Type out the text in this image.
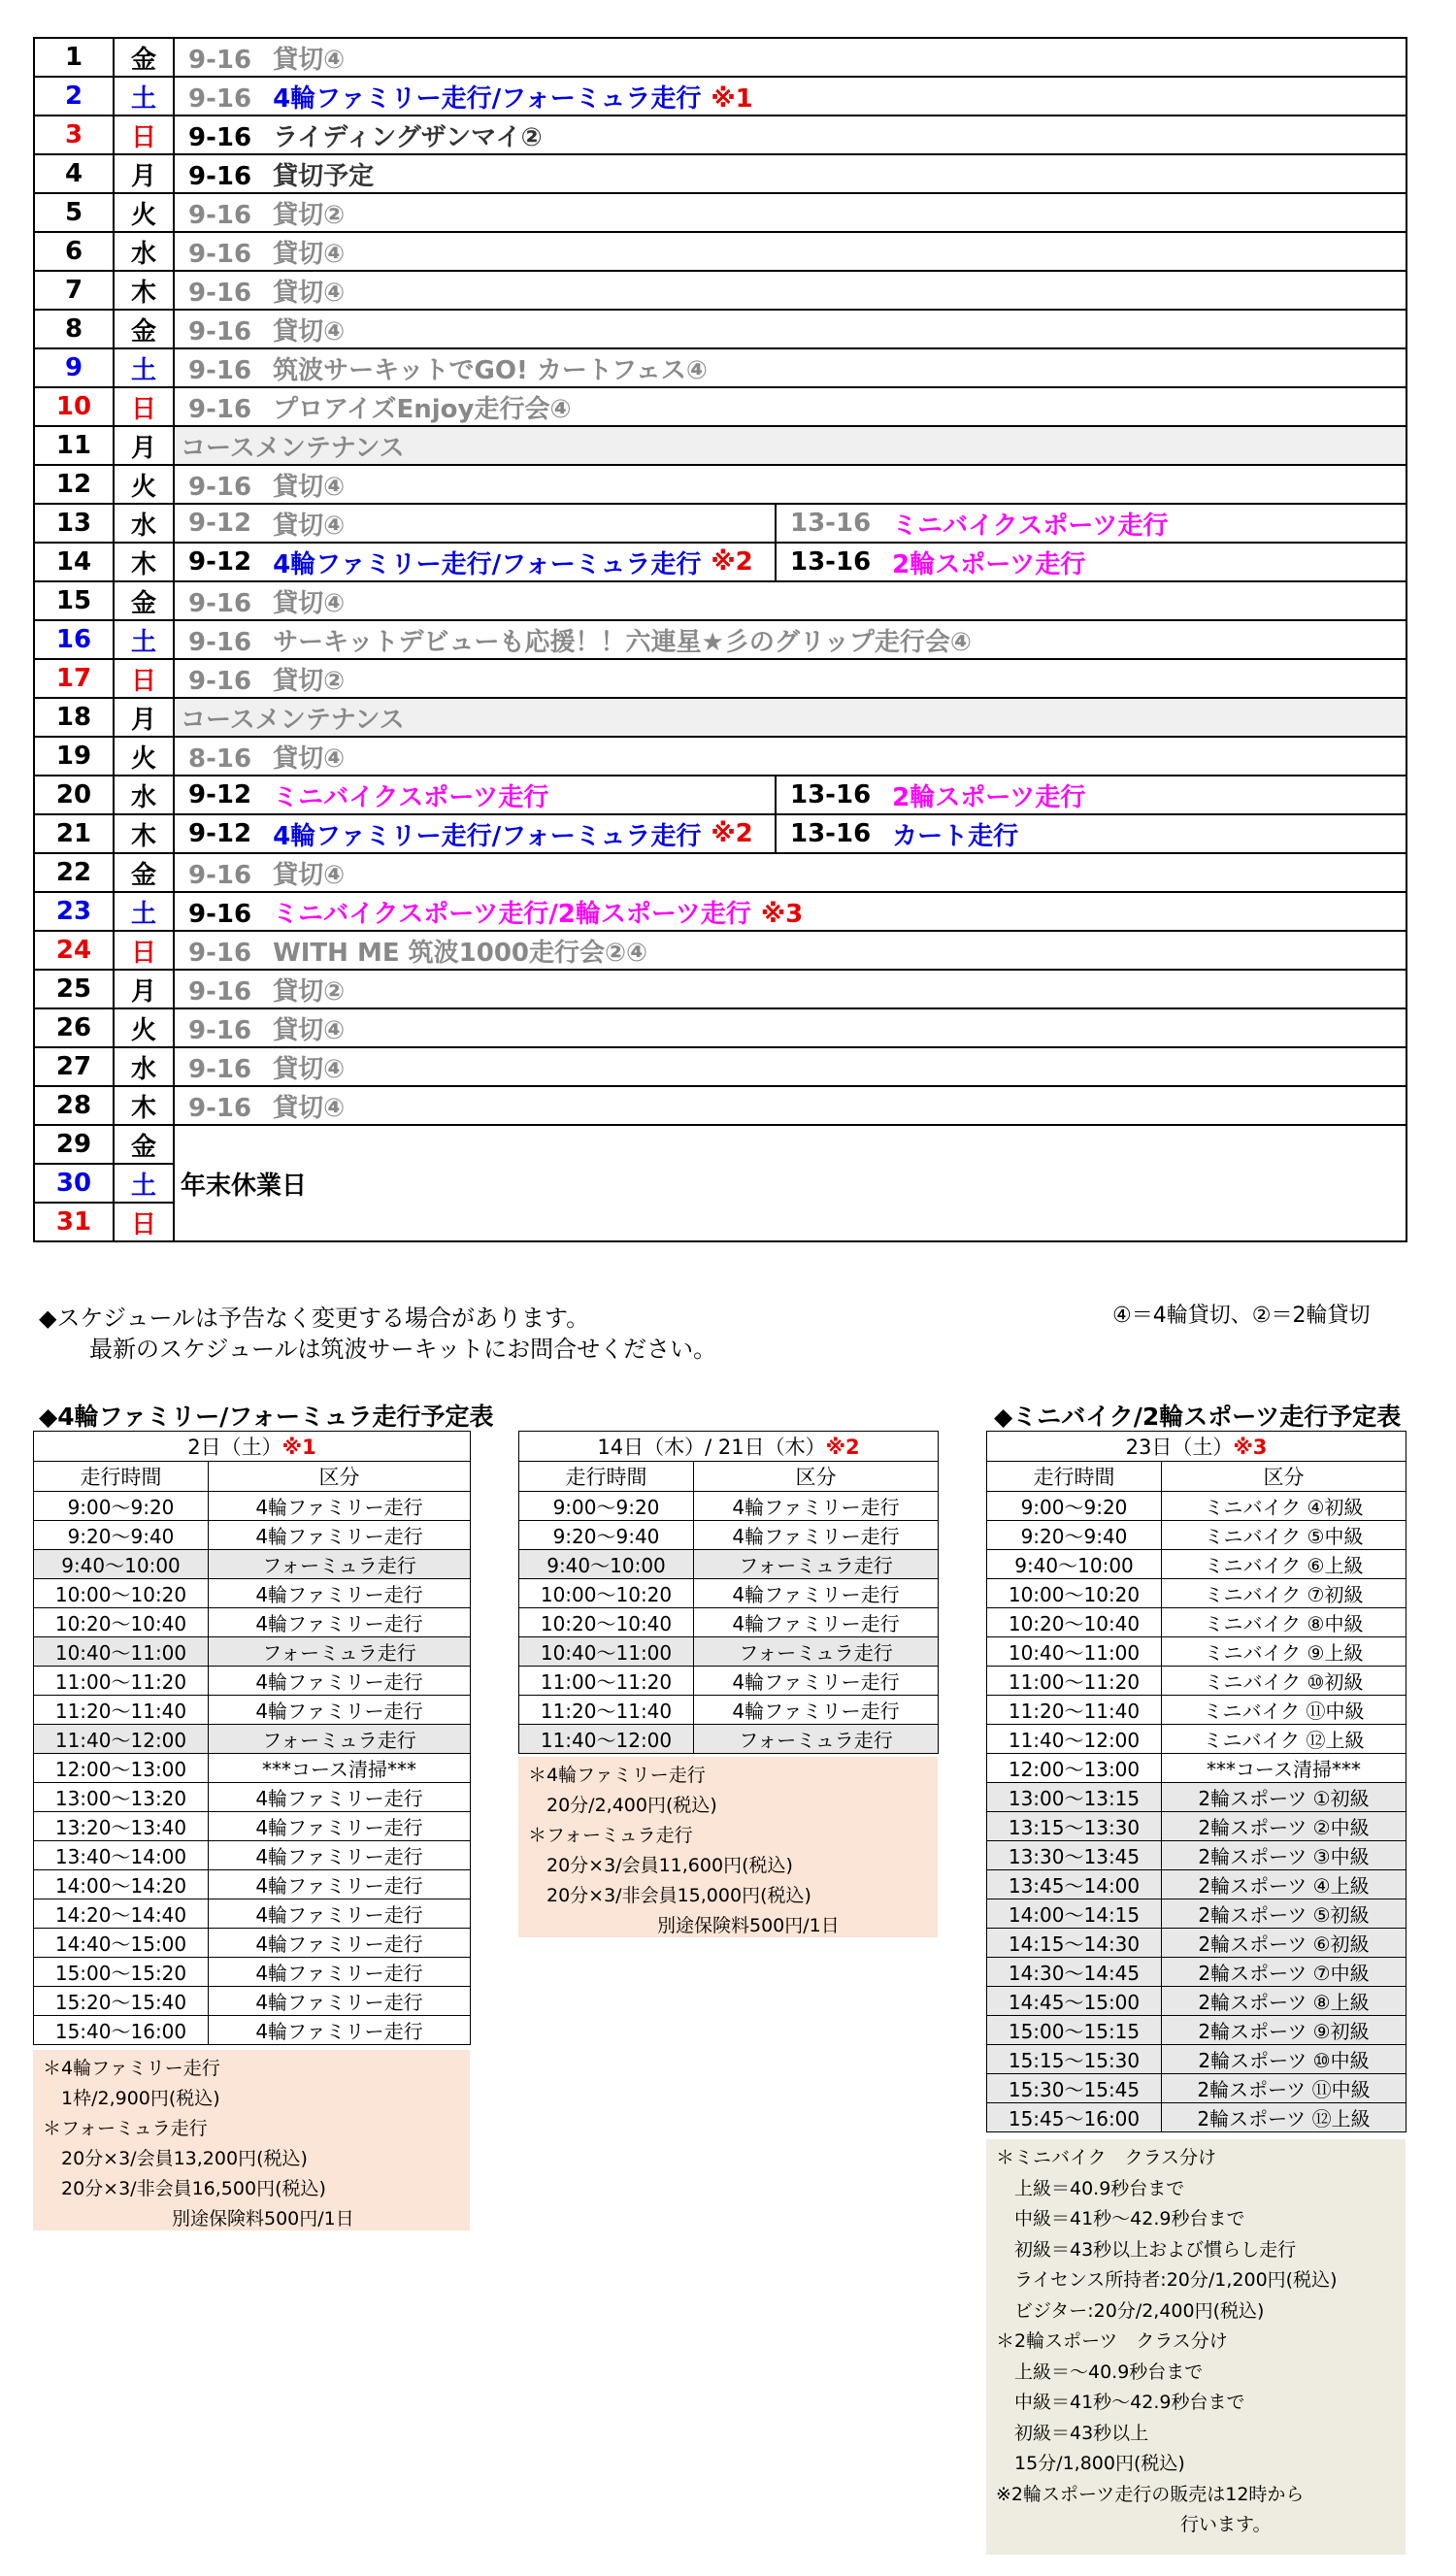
1	金	9-16 貸切④
2	土	9-16 4輪ファミリー走行/フォーミュラ走行 ※1
3	日	9-16 ライディングザンマイ②
4	月	9-16 貸切予定
5	火	9-16 貸切②
6	水	9-16 貸切④
7	木	9-16 貸切④
8	金	9-16 貸切④
9	土	9-16 筑波サーキットでGO! カートフェス④
10	日	9-16 プロアイズEnjoy走行会④
11	月	コースメンテナンス
12	火	9-16 貸切④
13	水	9-12 貸切④ 13-16 ミニバイクスポーツ走行

14	木	9-12 4輪ファミリー走行/フォーミュラ走行 ※2 13-16 2輪スポーツ走行

15	金	9-16 貸切④
16	土	9-16 サーキットデビューも応援！！六連星★彡のグリップ走行会④
17	日	9-16 貸切②
18	月	コースメンテナンス
19	火	8-16 貸切④
20	水	9-12 ミニバイクスポーツ走行 13-16 2輪スポーツ走行

21	木	9-12 4輪ファミリー走行/フォーミュラ走行 ※2 13-16 カート走行

22	金	9-16 貸切④
23	土	9-16 ミニバイクスポーツ走行/2輪スポーツ走行 ※3
24	日	9-16 WITH ME 筑波1000走行会②④
25	月	9-16 貸切②
26	火	9-16 貸切④
27	水	9-16 貸切④
28	木	9-16 貸切④
29	金	年末休業日
30	土	
31	日	
◆スケジュールは予告なく変更する場合があります。
最新のスケジュールは筑波サーキットにお問合せください。
④＝4輪貸切、②＝2輪貸切
◆4輪ファミリー/フォーミュラ走行予定表	◆ミニバイク/2輪スポーツ走行予定表
2日（土）※1	
走行時間	区分
9:00～9:20	4輪ファミリー走行
9:20～9:40	4輪ファミリー走行
9:40～10:00	フォーミュラ走行
10:00～10:20	4輪ファミリー走行
10:20～10:40	4輪ファミリー走行
10:40～11:00	フォーミュラ走行
11:00～11:20	4輪ファミリー走行
11:20～11:40	4輪ファミリー走行
11:40～12:00	フォーミュラ走行
12:00～13:00	***コース清掃***
13:00～13:20	4輪ファミリー走行
13:20～13:40	4輪ファミリー走行
13:40～14:00	4輪ファミリー走行
14:00～14:20	4輪ファミリー走行
14:20～14:40	4輪ファミリー走行
14:40～15:00	4輪ファミリー走行
15:00～15:20	4輪ファミリー走行
15:20～15:40	4輪ファミリー走行
15:40～16:00	4輪ファミリー走行
＊4輪ファミリー走行
　1枠/2,900円(税込)
＊フォーミュラ走行
　20分×3/会員13,200円(税込)
　20分×3/非会員16,500円(税込)
　　　　　　　別途保険料500円/1日
14日（木）/ 21日（木）※2	
走行時間	区分
9:00～9:20	4輪ファミリー走行
9:20～9:40	4輪ファミリー走行
9:40～10:00	フォーミュラ走行
10:00～10:20	4輪ファミリー走行
10:20～10:40	4輪ファミリー走行
10:40～11:00	フォーミュラ走行
11:00～11:20	4輪ファミリー走行
11:20～11:40	4輪ファミリー走行
11:40～12:00	フォーミュラ走行
＊4輪ファミリー走行
　20分/2,400円(税込)
＊フォーミュラ走行
　20分×3/会員11,600円(税込)
　20分×3/非会員15,000円(税込)
　　　　　　　別途保険料500円/1日
23日（土）※3	
走行時間	区分
9:00～9:20	ミニバイク ④初級
9:20～9:40	ミニバイク ⑤中級
9:40～10:00	ミニバイク ⑥上級
10:00～10:20	ミニバイク ⑦初級
10:20～10:40	ミニバイク ⑧中級
10:40～11:00	ミニバイク ⑨上級
11:00～11:20	ミニバイク ⑩初級
11:20～11:40	ミニバイク ⑪中級
11:40～12:00	ミニバイク ⑫上級
12:00～13:00	***コース清掃***
13:00～13:15	2輪スポーツ ①初級
13:15～13:30	2輪スポーツ ②中級
13:30～13:45	2輪スポーツ ③中級
13:45～14:00	2輪スポーツ ④上級
14:00～14:15	2輪スポーツ ⑤初級
14:15～14:30	2輪スポーツ ⑥初級
14:30～14:45	2輪スポーツ ⑦中級
14:45～15:00	2輪スポーツ ⑧上級
15:00～15:15	2輪スポーツ ⑨初級
15:15～15:30	2輪スポーツ ⑩中級
15:30～15:45	2輪スポーツ ⑪中級
15:45～16:00	2輪スポーツ ⑫上級
＊ミニバイク　クラス分け
　上級＝40.9秒台まで
　中級＝41秒～42.9秒台まで
　初級＝43秒以上および慣らし走行
　ライセンス所持者:20分/1,200円(税込)
　ビジター:20分/2,400円(税込)
＊2輪スポーツ　クラス分け
　上級＝～40.9秒台まで
　中級＝41秒～42.9秒台まで
　初級＝43秒以上
　15分/1,800円(税込)
※2輪スポーツ走行の販売は12時から
　　　　　　　　　　行います。
